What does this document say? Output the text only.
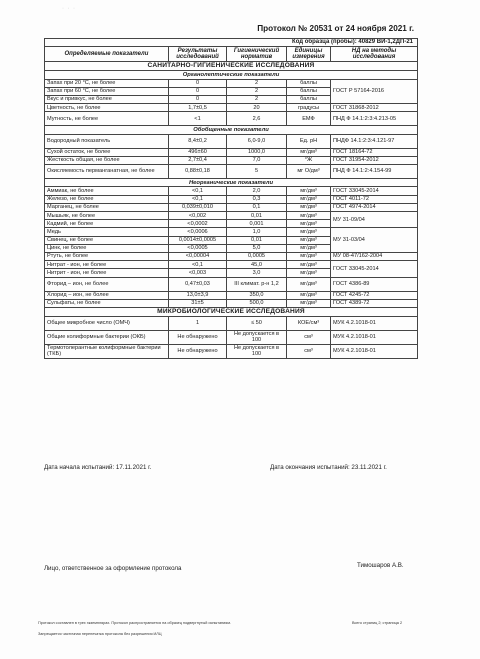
· · ·
Протокол № 20531 от 24 ноября 2021 г.
Код образца (пробы): 40829 ВИ-1,2ДП-21				
Определяемые показатели	Результаты исследований	Гигиенический норматив	Единицы измерения	НД на методы исследования
САНИТАРНО-ГИГИЕНИЧЕСКИЕ ИССЛЕДОВАНИЯ				
Органолептические показатели				
Запах при 20 °С, не более	0	2	баллы	ГОСТ Р 57164-2016
Запах при 60 °С, не более	0	2	баллы	
Вкус и привкус, не более	0	2	баллы	
Цветность, не более	1,7±0,5	20	градусы	ГОСТ 31868-2012
Мутность, не более	<1	2,6	ЕМФ	ПНД Ф 14.1:2:3:4.213-05
Обобщенные показатели				
Водородный показатель	8,4±0,2	6,0-9,0	Ед. рН	ПНДФ 14.1:2:3:4.121-97
Сухой остаток, не более	496±60	1000,0	мг/дм³	ГОСТ 18164-72
Жесткость общая, не более	2,7±0,4	7,0	°Ж	ГОСТ 31954-2012
Окисляемость перманганатная, не более	0,88±0,18	5	мг О/дм³	ПНД Ф 14.1:2:4.154-99
Неорганические показатели				
Аммиак, не более	<0,1	2,0	мг/дм³	ГОСТ 33045-2014
Железо, не более	<0,1	0,3	мг/дм³	ГОСТ 4011-72
Марганец, не более	0,039±0,010	0,1	мг/дм³	ГОСТ 4974-2014
Мышьяк, не более	<0,002	0,01	мг/дм³	МУ 31-09/04
Кадмий, не более	<0,0002	0,001	мг/дм³	
Медь	<0,0006	1,0	мг/дм³	МУ 31-03/04
Свинец, не более	0,0014±0,0005	0,01	мг/дм³	
Цинк, не более	<0,0005	5,0	мг/дм³	
Ртуть, не более	<0,00004	0,0005	мг/дм³	МУ 08-47/162-2004
Нитрат - ион, не более	<0,1	45,0	мг/дм³	ГОСТ 33045-2014
Нитрит - ион, не более	<0,003	3,0	мг/дм³	
Фторид – ион, не более	0,47±0,03	III климат. р-н 1,2	мг/дм³	ГОСТ 4386-89
Хлорид – ион, не более	13,0±3,9	350,0	мг/дм³	ГОСТ 4245-72
Сульфаты, не более	31±5	500,0	мг/дм³	ГОСТ 4389-72
МИКРОБИОЛОГИЧЕСКИЕ ИССЛЕДОВАНИЯ				
Общее микробное число (ОМЧ)	1	≤ 50	КОЕ/см³	МУК 4.2.1018-01
Общие колиформные бактерии (ОКБ)	Не обнаружено	Не допускается в 100	см³	МУК 4.2.1018-01
Термотолерантные колиформные бактерии (ТКБ)	Не обнаружено	Не допускается в 100	см³	МУК 4.2.1018-01
Дата начала испытаний: 17.11.2021 г.	Дата окончания испытаний: 23.11.2021 г.
Лицо, ответственное за оформление протокола	Тимошаров А.В.
Протокол составлен в трех экземплярах. Протокол распространяется на образец подвергнутый испытаниям.
Запрещается частичная перепечатка протокола без разрешения ИЛЦ
Всего страниц 2; страница 2
